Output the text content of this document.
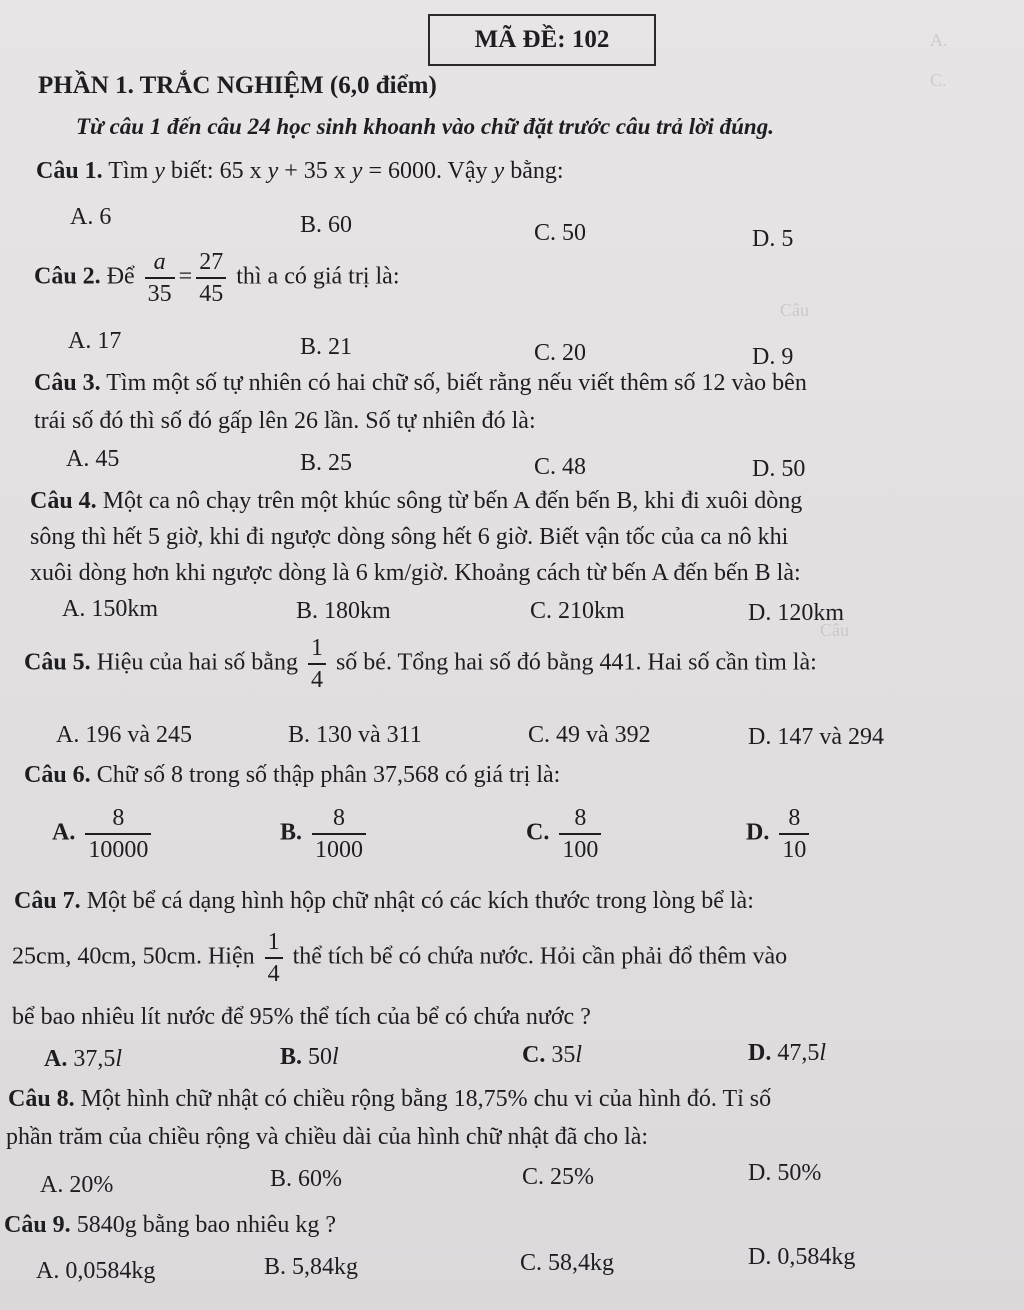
A.
C.
Câu
Câu
MÃ ĐỀ: 102
PHẦN 1. TRẮC NGHIỆM (6,0 điểm)
Từ câu 1 đến câu 24 học sinh khoanh vào chữ đặt trước câu trả lời đúng.
Câu 1. Tìm y biết: 65 x y + 35 x y = 6000. Vậy y bằng:
A. 6	B. 60	C. 50	D. 5
Câu 2. Để $\frac{a}{35} = \frac{27}{45}$ thì a có giá trị là:
A. 17	B. 21	C. 20	D. 9
Câu 3. Tìm một số tự nhiên có hai chữ số, biết rằng nếu viết thêm số 12 vào bên
trái số đó thì số đó gấp lên 26 lần. Số tự nhiên đó là:
A. 45	B. 25	C. 48	D. 50
Câu 4. Một ca nô chạy trên một khúc sông từ bến A đến bến B, khi đi xuôi dòng
sông thì hết 5 giờ, khi đi ngược dòng sông hết 6 giờ. Biết vận tốc của ca nô khi
xuôi dòng hơn khi ngược dòng là 6 km/giờ. Khoảng cách từ bến A đến bến B là:
A. 150km	B. 180km	C. 210km	D. 120km
Câu 5. Hiệu của hai số bằng $\frac{1}{4}$ số bé. Tổng hai số đó bằng 441. Hai số cần tìm là:
A. 196 và 245	B. 130 và 311	C. 49 và 392	D. 147 và 294
Câu 6. Chữ số 8 trong số thập phân 37,568 có giá trị là:
A. $\frac{8}{10000}$	B. $\frac{8}{1000}$	C. $\frac{8}{100}$	D. $\frac{8}{10}$
Câu 7. Một bể cá dạng hình hộp chữ nhật có các kích thước trong lòng bể là:
25cm, 40cm, 50cm. Hiện $\frac{1}{4}$ thể tích bể có chứa nước. Hỏi cần phải đổ thêm vào
bể bao nhiêu lít nước để 95% thể tích của bể có chứa nước ?
A. 37,5l	B. 50l	C. 35l	D. 47,5l
Câu 8. Một hình chữ nhật có chiều rộng bằng 18,75% chu vi của hình đó. Tỉ số
phần trăm của chiều rộng và chiều dài của hình chữ nhật đã cho là:
A. 20%	B. 60%	C. 25%	D. 50%
Câu 9. 5840g bằng bao nhiêu kg ?
A. 0,0584kg	B. 5,84kg	C. 58,4kg	D. 0,584kg
